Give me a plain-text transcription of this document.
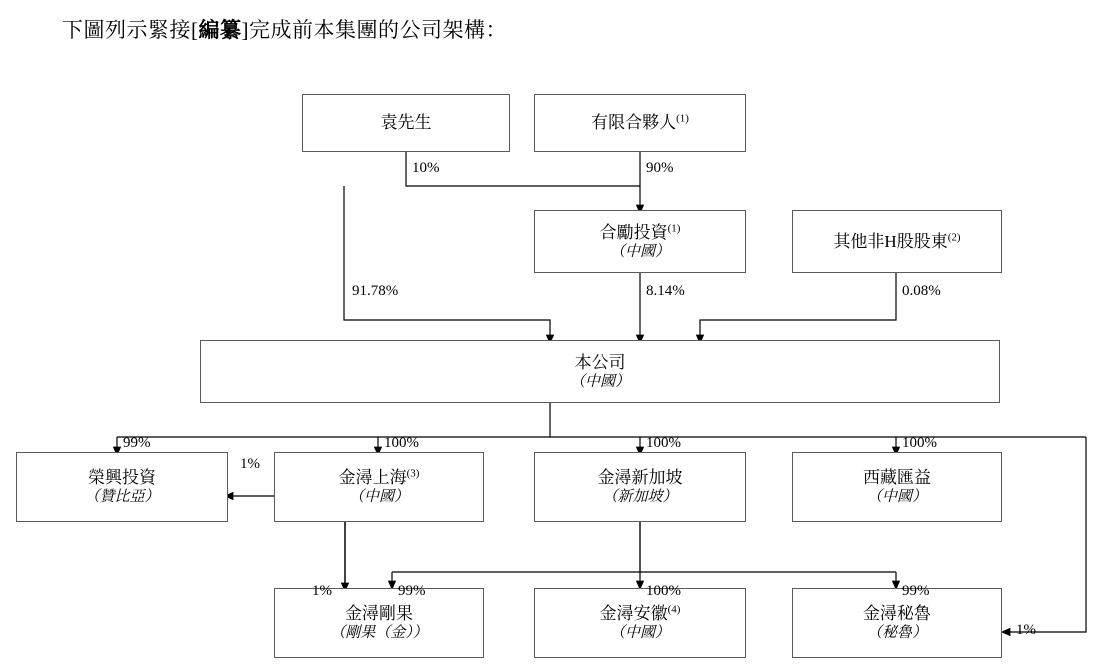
下圖列示緊接[編纂]完成前本集團的公司架構：
袁先生	有限合夥人$^{(1)}$
合勵投資$^{(1)}$
（中國）
其他非H股股東$^{(2)}$
本公司
（中國）
榮興投資
（贊比亞）
金潯上海$^{(3)}$
（中國）
金潯新加坡
（新加坡）
西藏匯益
（中國）
金潯剛果
（剛果（金））
金潯安徽$^{(4)}$
（中國）
金潯秘魯
（秘魯）
10%	90%
91.78%	8.14%	0.08%
99%	100%	100%	100%
1%
1%	99%	100%	99%
1%
